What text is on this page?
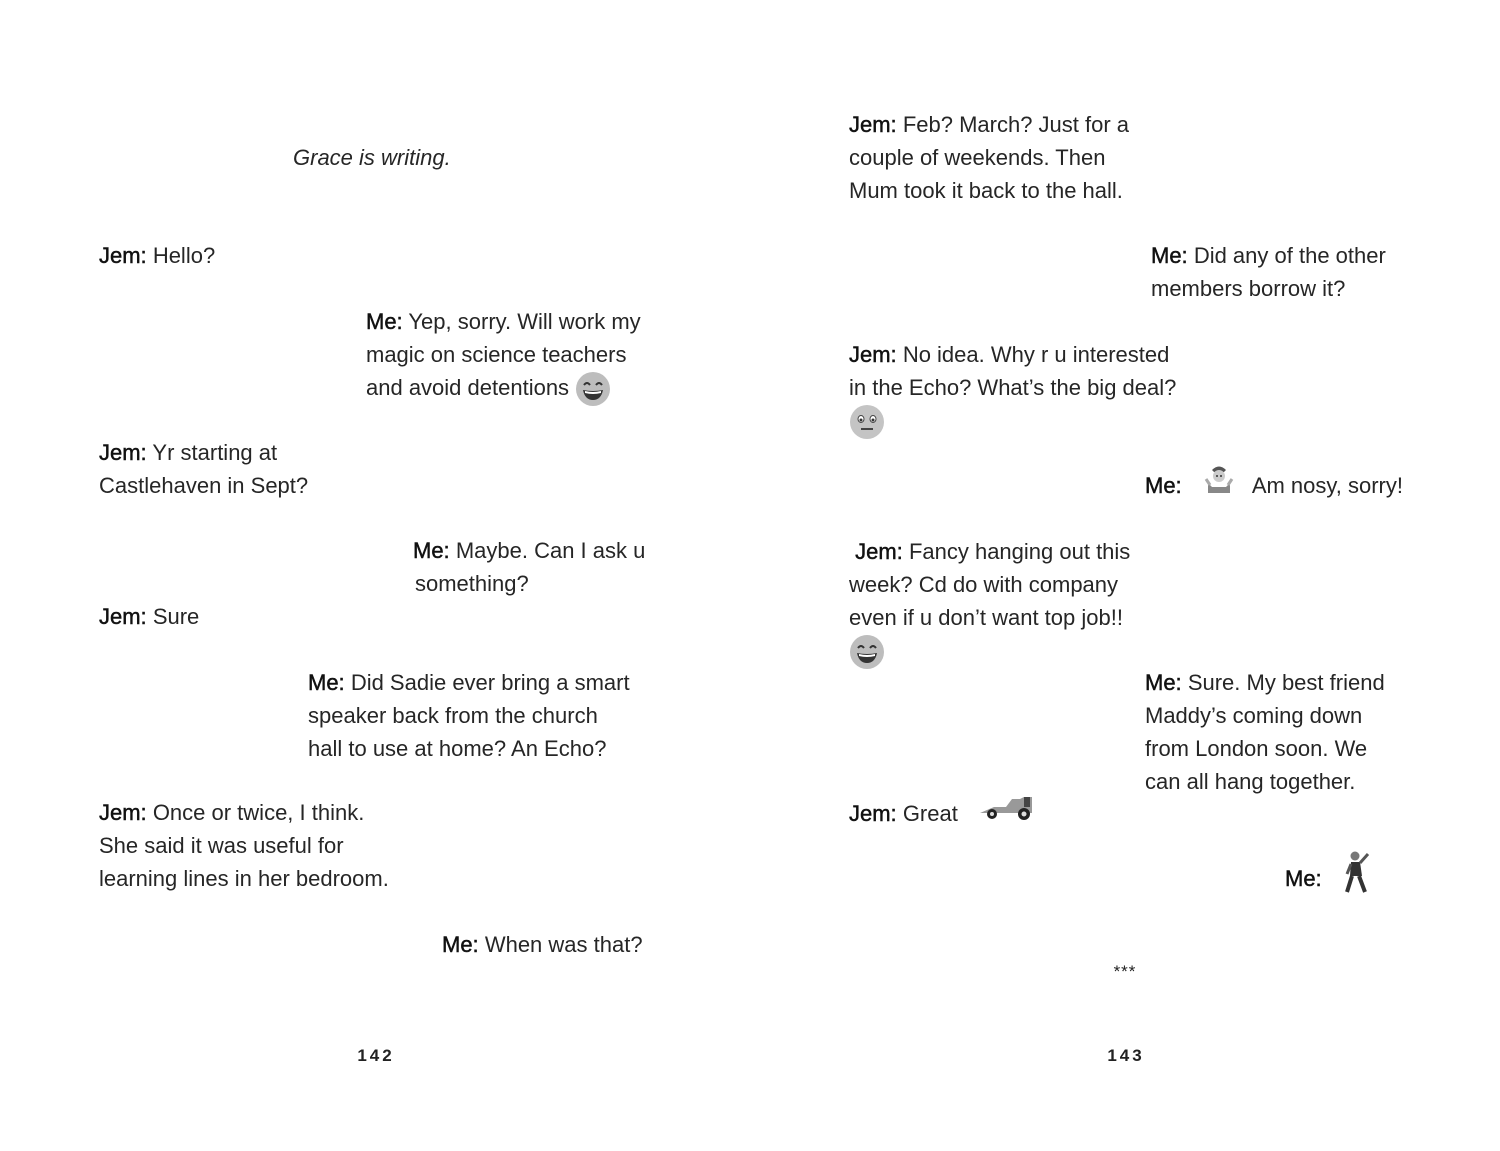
Grace is writing.
Jem: Hello?
Me: Yep, sorry. Will work my
magic on science teachers
and avoid detentions
Jem: Yr starting at
Castlehaven in Sept?
Me: Maybe. Can I ask u
something?
Jem: Sure
Me: Did Sadie ever bring a smart
speaker back from the church
hall to use at home? An Echo?
Jem: Once or twice, I think.
She said it was useful for
learning lines in her bedroom.
Me: When was that?
142
Jem: Feb? March? Just for a
couple of weekends. Then
Mum took it back to the hall.
Me: Did any of the other
members borrow it?
Jem: No idea. Why r u interested
in the Echo? What’s the big deal?
Me:	Am nosy, sorry!
Jem: Fancy hanging out this
week? Cd do with company
even if u don’t want top job!!
Me: Sure. My best friend
Maddy’s coming down
from London soon. We
can all hang together.
Jem: Great
Me:
***
143
